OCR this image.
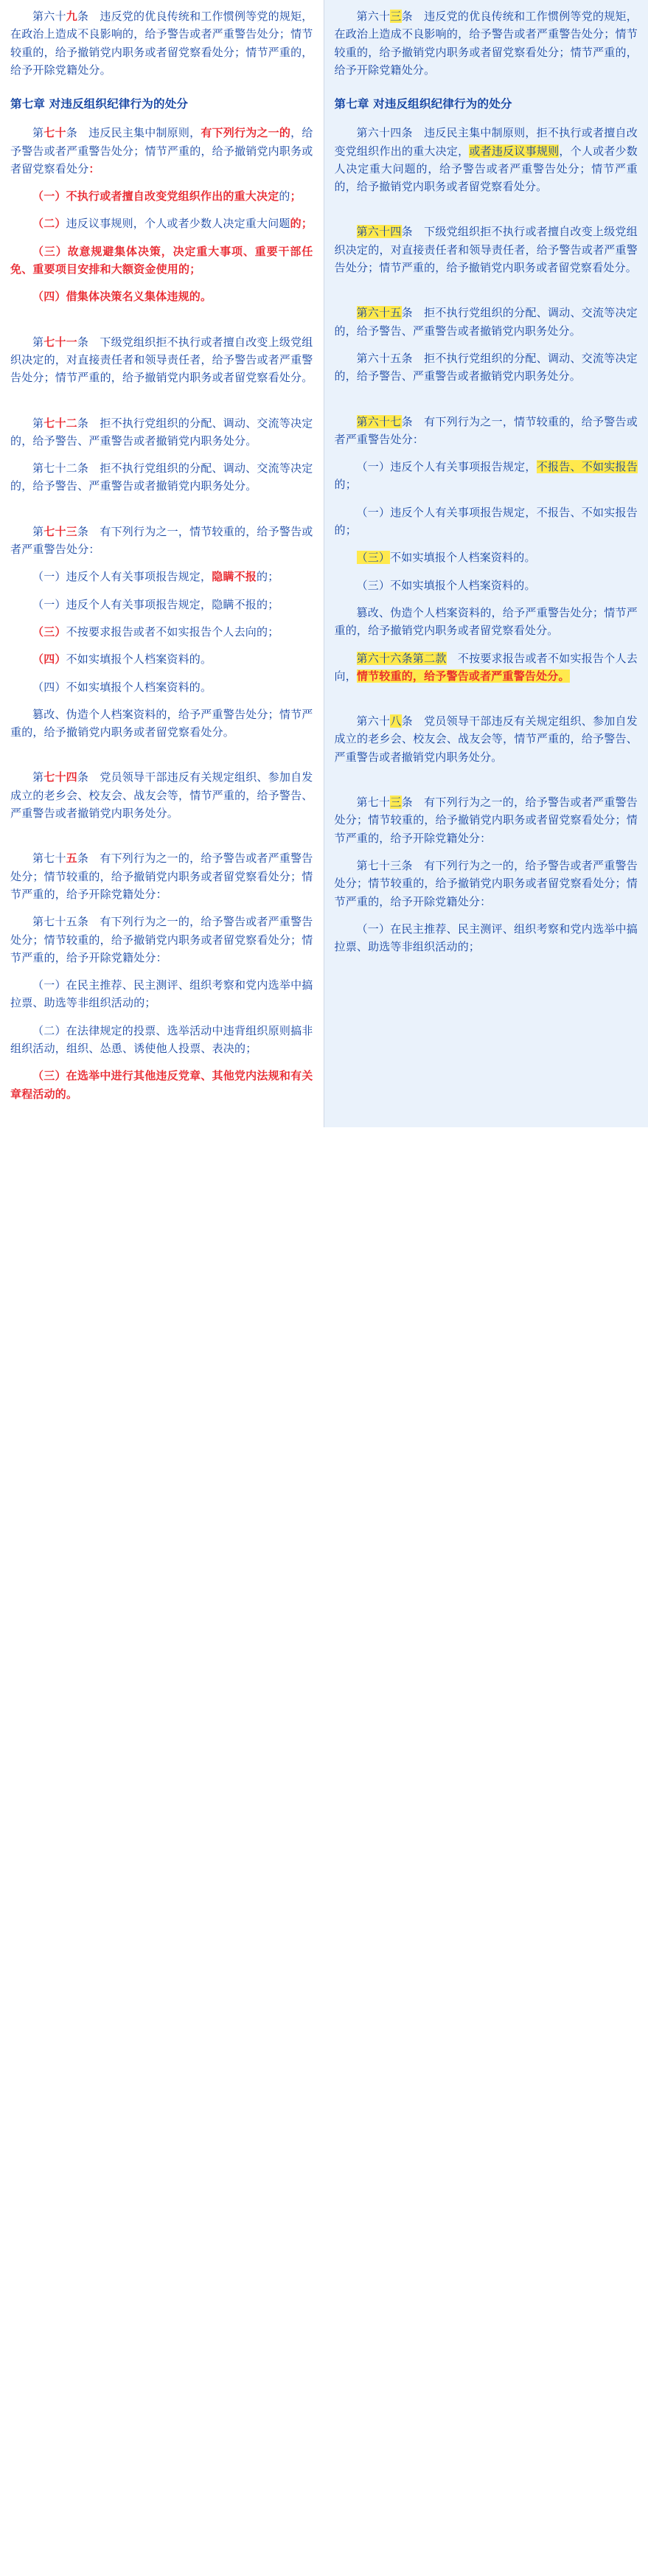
第六十九条　违反党的优良传统和工作惯例等党的规矩，在政治上造成不良影响的，给予警告或者严重警告处分；情节较重的，给予撤销党内职务或者留党察看处分；情节严重的，给予开除党籍处分。

第七章 对违反组织纪律行为的处分

第七十条　违反民主集中制原则，有下列行为之一的，给予警告或者严重警告处分；情节严重的，给予撤销党内职务或者留党察看处分：

（一）不执行或者擅自改变党组织作出的重大决定的；

（二）违反议事规则，个人或者少数人决定重大问题的；

（三）故意规避集体决策，决定重大事项、重要干部任免、重要项目安排和大额资金使用的；

（四）借集体决策名义集体违规的。

第七十一条　下级党组织拒不执行或者擅自改变上级党组织决定的，对直接责任者和领导责任者，给予警告或者严重警告处分；情节严重的，给予撤销党内职务或者留党察看处分。

第七十二条　拒不执行党组织的分配、调动、交流等决定的，给予警告、严重警告或者撤销党内职务处分。

第七十二条　拒不执行党组织的分配、调动、交流等决定的，给予警告、严重警告或者撤销党内职务处分。

第七十三条　有下列行为之一，情节较重的，给予警告或者严重警告处分：

（一）违反个人有关事项报告规定，隐瞒不报的；

（一）违反个人有关事项报告规定，隐瞒不报的；

（三）不按要求报告或者不如实报告个人去向的；

（四）不如实填报个人档案资料的。

（四）不如实填报个人档案资料的。

篡改、伪造个人档案资料的，给予严重警告处分；情节严重的，给予撤销党内职务或者留党察看处分。

第七十四条　党员领导干部违反有关规定组织、参加自发成立的老乡会、校友会、战友会等，情节严重的，给予警告、严重警告或者撤销党内职务处分。

第七十五条　有下列行为之一的，给予警告或者严重警告处分；情节较重的，给予撤销党内职务或者留党察看处分；情节严重的，给予开除党籍处分：

第七十五条　有下列行为之一的，给予警告或者严重警告处分；情节较重的，给予撤销党内职务或者留党察看处分；情节严重的，给予开除党籍处分：

（一）在民主推荐、民主测评、组织考察和党内选举中搞拉票、助选等非组织活动的；

（二）在法律规定的投票、选举活动中违背组织原则搞非组织活动，组织、怂恿、诱使他人投票、表决的；

（三）在选举中进行其他违反党章、其他党内法规和有关章程活动的。

第六十三条　违反党的优良传统和工作惯例等党的规矩，在政治上造成不良影响的，给予警告或者严重警告处分；情节较重的，给予撤销党内职务或者留党察看处分；情节严重的，给予开除党籍处分。

第七章 对违反组织纪律行为的处分

第六十四条　违反民主集中制原则，拒不执行或者擅自改变党组织作出的重大决定，或者违反议事规则，个人或者少数人决定重大问题的，给予警告或者严重警告处分；情节严重的，给予撤销党内职务或者留党察看处分。

第六十四条　下级党组织拒不执行或者擅自改变上级党组织决定的，对直接责任者和领导责任者，给予警告或者严重警告处分；情节严重的，给予撤销党内职务或者留党察看处分。

第六十五条　拒不执行党组织的分配、调动、交流等决定的，给予警告、严重警告或者撤销党内职务处分。

第六十五条　拒不执行党组织的分配、调动、交流等决定的，给予警告、严重警告或者撤销党内职务处分。

第六十七条　有下列行为之一，情节较重的，给予警告或者严重警告处分：

（一）违反个人有关事项报告规定，不报告、不如实报告的；

（一）违反个人有关事项报告规定，不报告、不如实报告的；

（三）不如实填报个人档案资料的。

（三）不如实填报个人档案资料的。

篡改、伪造个人档案资料的，给予严重警告处分；情节严重的，给予撤销党内职务或者留党察看处分。

第六十六条第二款　不按要求报告或者不如实报告个人去向，情节较重的，给予警告或者严重警告处分。

第六十八条　党员领导干部违反有关规定组织、参加自发成立的老乡会、校友会、战友会等，情节严重的，给予警告、严重警告或者撤销党内职务处分。

第七十三条　有下列行为之一的，给予警告或者严重警告处分；情节较重的，给予撤销党内职务或者留党察看处分；情节严重的，给予开除党籍处分：

第七十三条　有下列行为之一的，给予警告或者严重警告处分；情节较重的，给予撤销党内职务或者留党察看处分；情节严重的，给予开除党籍处分：

（一）在民主推荐、民主测评、组织考察和党内选举中搞拉票、助选等非组织活动的；
